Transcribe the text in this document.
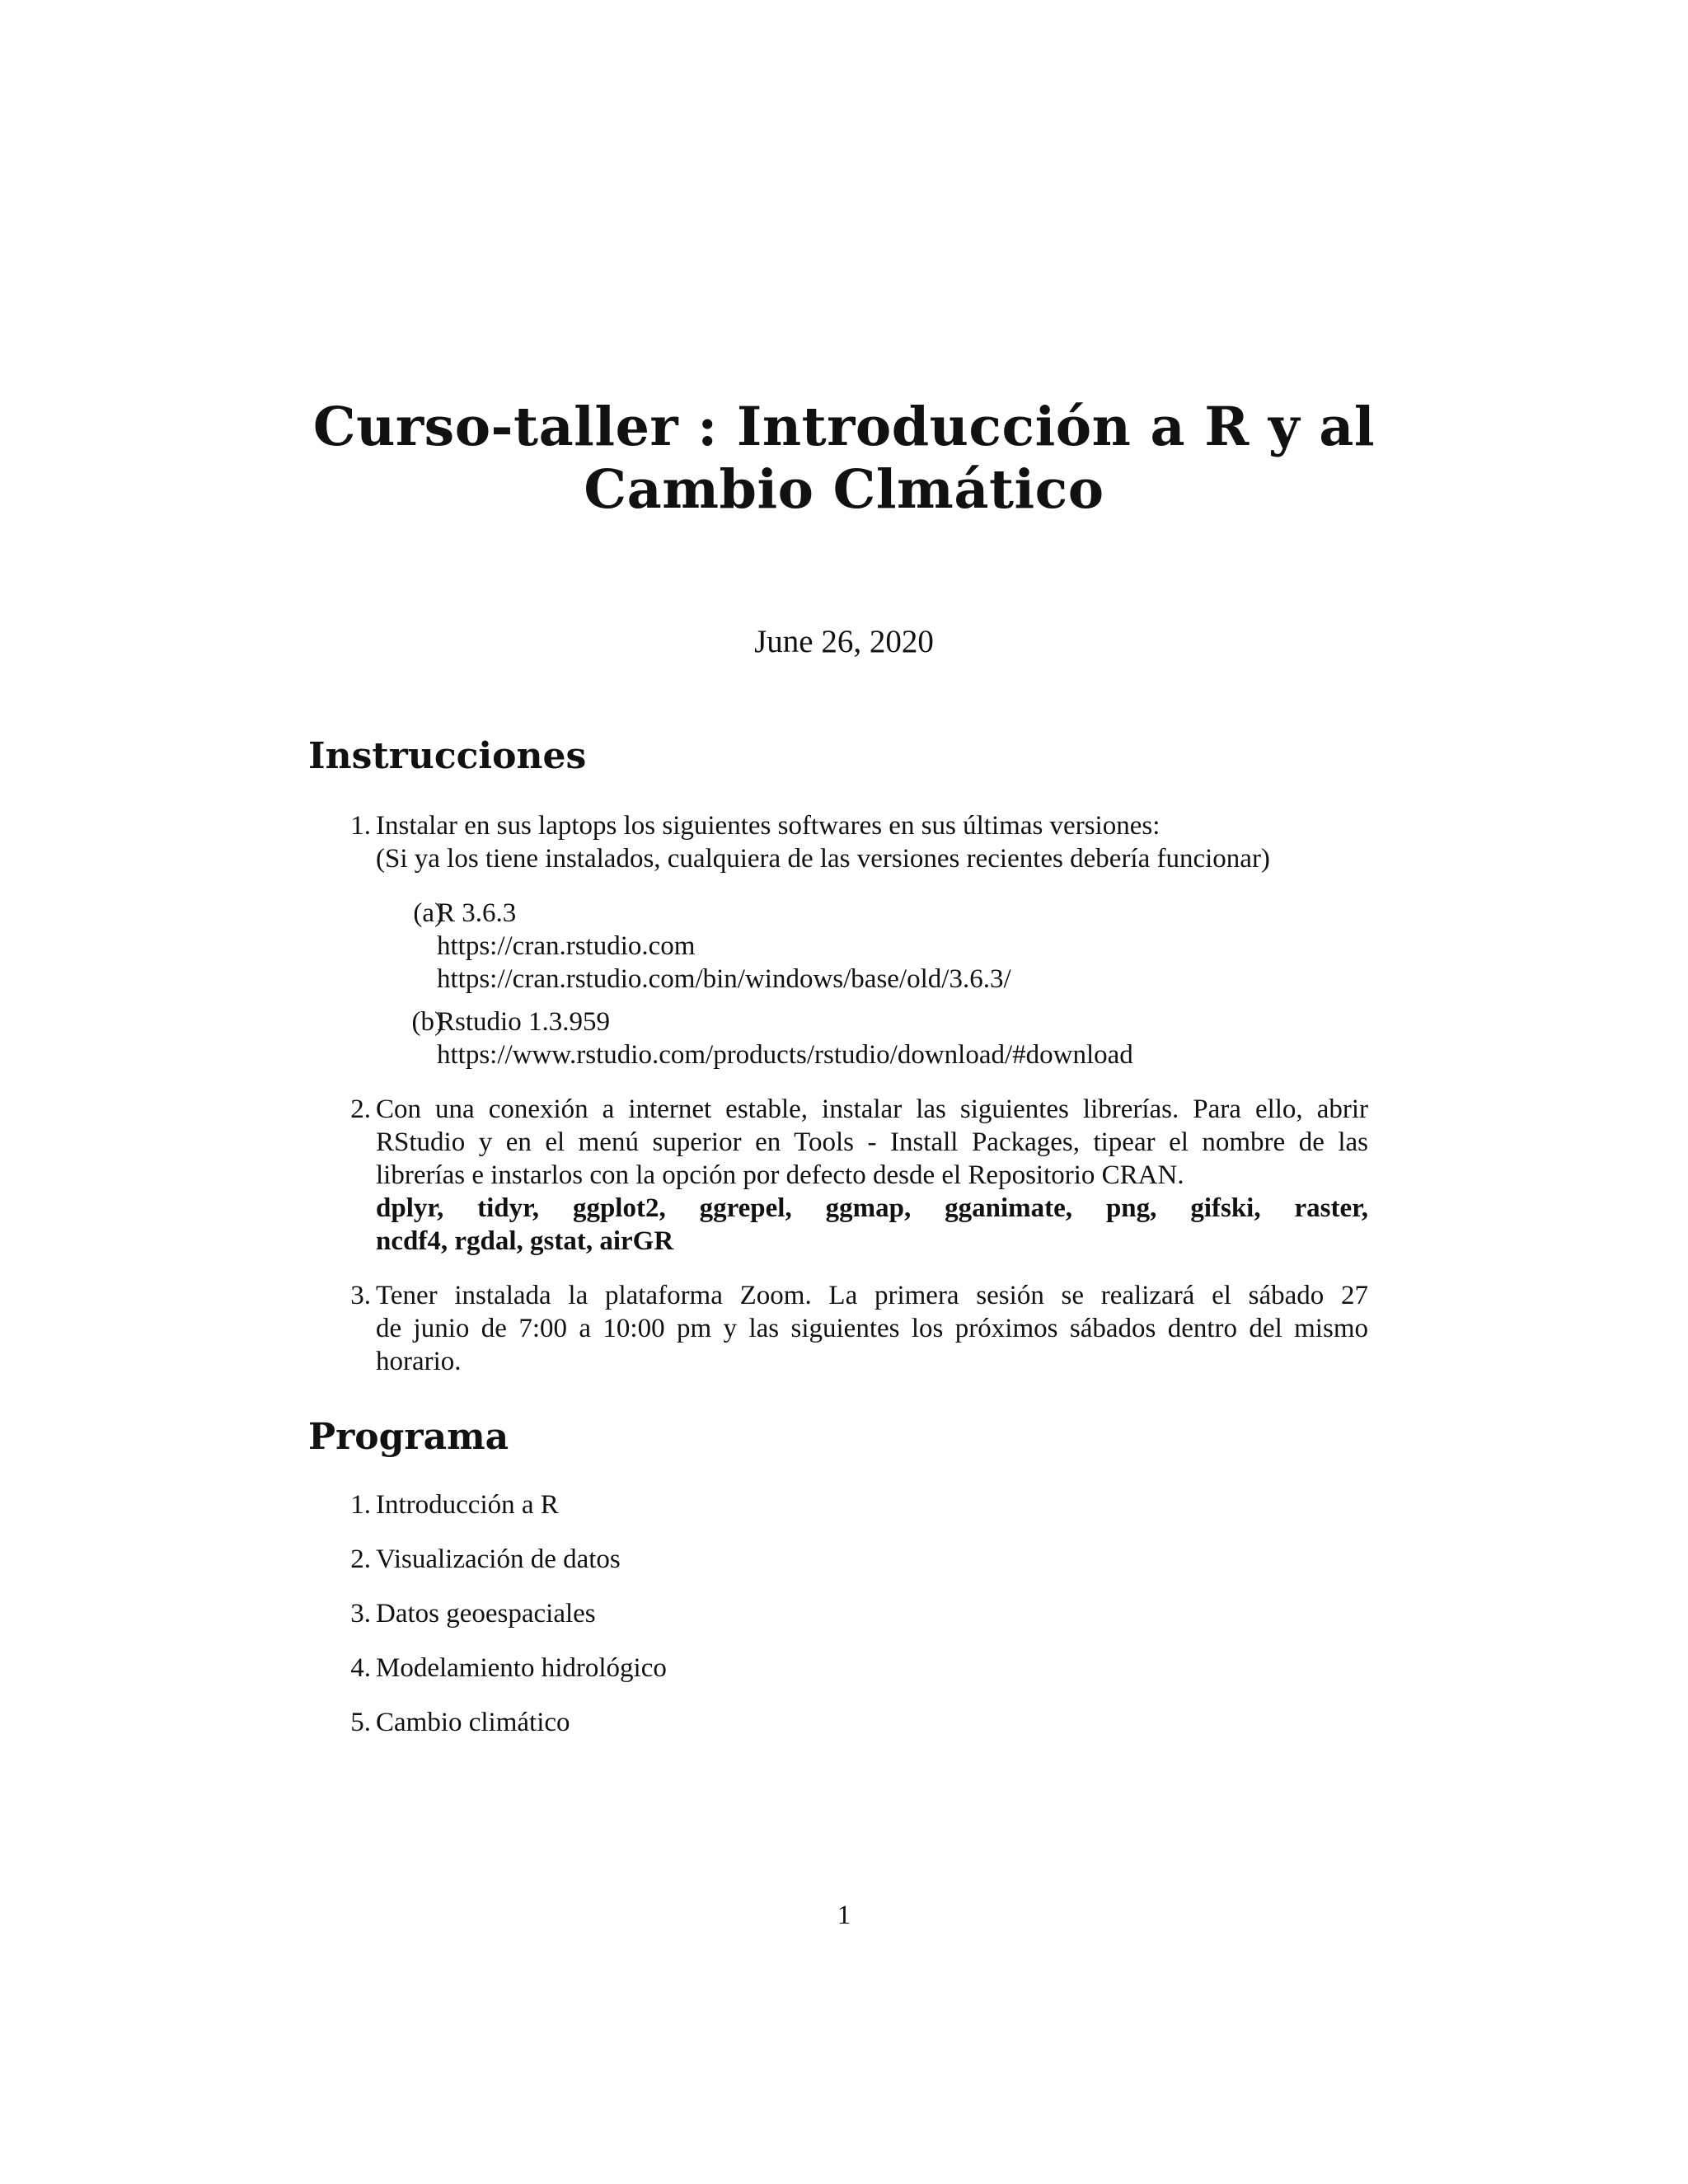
Curso-taller : Introducción a R y al
Cambio Clmático
June 26, 2020
Instrucciones
1. Instalar en sus laptops los siguientes softwares en sus últimas versiones:
(Si ya los tiene instalados, cualquiera de las versiones recientes debería funcionar)
(a)
R 3.6.3
https://cran.rstudio.com
https://cran.rstudio.com/bin/windows/base/old/3.6.3/
(b)
Rstudio 1.3.959
https://www.rstudio.com/products/rstudio/download/#download
2. Con una conexión a internet estable, instalar las siguientes librerías. Para ello, abrir
RStudio y en el menú superior en Tools - Install Packages, tipear el nombre de las
librerías e instarlos con la opción por defecto desde el Repositorio CRAN.
dplyr, tidyr, ggplot2, ggrepel, ggmap, gganimate, png, gifski, raster,
ncdf4, rgdal, gstat, airGR
3. Tener instalada la plataforma Zoom. La primera sesión se realizará el sábado 27
de junio de 7:00 a 10:00 pm y las siguientes los próximos sábados dentro del mismo
horario.
Programa
1. Introducción a R
2. Visualización de datos
3. Datos geoespaciales
4. Modelamiento hidrológico
5. Cambio climático
1
